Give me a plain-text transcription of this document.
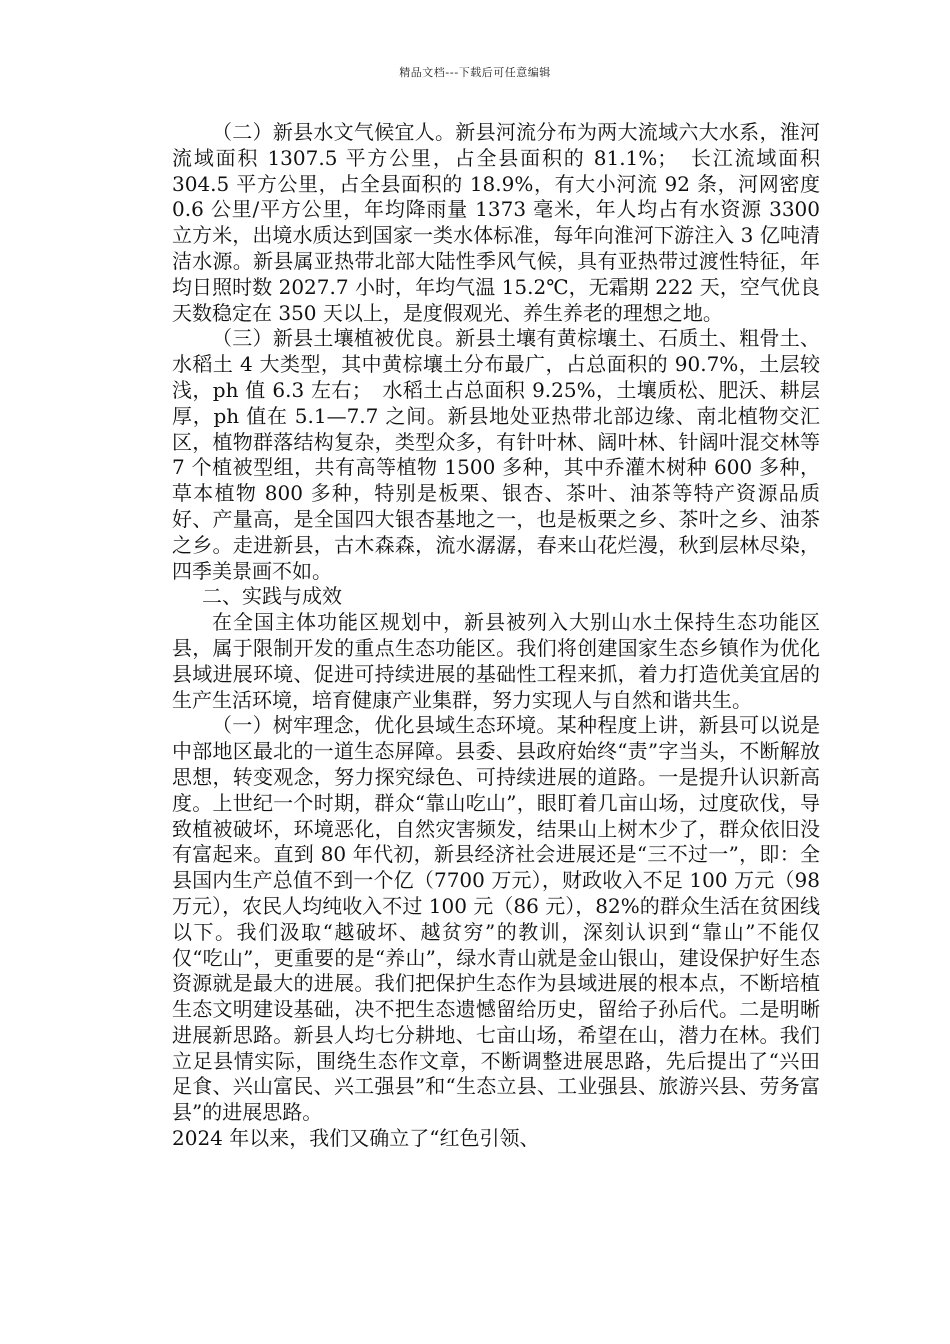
精品文档---下载后可任意编辑

（二）新县水文气候宜人。新县河流分布为两大流域六大水系，淮河流域面积 1307.5 平方公里，占全县面积的 81.1%；　长江流域面积 304.5 平方公里，占全县面积的 18.9%，有大小河流 92 条，河网密度 0.6 公里/平方公里，年均降雨量 1373 毫米，年人均占有水资源 3300 立方米，出境水质达到国家一类水体标准，每年向淮河下游注入 3 亿吨清洁水源。新县属亚热带北部大陆性季风气候，具有亚热带过渡性特征，年均日照时数 2027.7 小时，年均气温 15.2℃，无霜期 222 天，空气优良天数稳定在 350 天以上，是度假观光、养生养老的理想之地。

（三）新县土壤植被优良。新县土壤有黄棕壤土、石质土、粗骨土、水稻土 4 大类型，其中黄棕壤土分布最广，占总面积的 90.7%，土层较浅，ph 值 6.3 左右；　水稻土占总面积 9.25%，土壤质松、肥沃、耕层厚，ph 值在 5.1—7.7 之间。新县地处亚热带北部边缘、南北植物交汇区，植物群落结构复杂，类型众多，有针叶林、阔叶林、针阔叶混交林等 7 个植被型组，共有高等植物 1500 多种，其中乔灌木树种 600 多种，草本植物 800 多种，特别是板栗、银杏、茶叶、油茶等特产资源品质好、产量高，是全国四大银杏基地之一，也是板栗之乡、茶叶之乡、油茶之乡。走进新县，古木森森，流水潺潺，春来山花烂漫，秋到层林尽染，四季美景画不如。

二、实践与成效

在全国主体功能区规划中，新县被列入大别山水土保持生态功能区县，属于限制开发的重点生态功能区。我们将创建国家生态乡镇作为优化县域进展环境、促进可持续进展的基础性工程来抓，着力打造优美宜居的生产生活环境，培育健康产业集群，努力实现人与自然和谐共生。

（一）树牢理念，优化县域生态环境。某种程度上讲，新县可以说是中部地区最北的一道生态屏障。县委、县政府始终“责”字当头，不断解放思想，转变观念，努力探究绿色、可持续进展的道路。一是提升认识新高度。上世纪一个时期，群众“靠山吃山”，眼盯着几亩山场，过度砍伐，导致植被破坏，环境恶化，自然灾害频发，结果山上树木少了，群众依旧没有富起来。直到 80 年代初，新县经济社会进展还是“三不过一”，即：全县国内生产总值不到一个亿（7700 万元），财政收入不足 100 万元（98 万元），农民人均纯收入不过 100 元（86 元），82%的群众生活在贫困线以下。我们汲取“越破坏、越贫穷”的教训，深刻认识到“靠山”不能仅仅“吃山”，更重要的是“养山”，绿水青山就是金山银山，建设保护好生态资源就是最大的进展。我们把保护生态作为县域进展的根本点，不断培植生态文明建设基础，决不把生态遗憾留给历史，留给子孙后代。二是明晰进展新思路。新县人均七分耕地、七亩山场，希望在山，潜力在林。我们立足县情实际，围绕生态作文章，不断调整进展思路，先后提出了“兴田足食、兴山富民、兴工强县”和“生态立县、工业强县、旅游兴县、劳务富县”的进展思路。

2024 年以来，我们又确立了“红色引领、
